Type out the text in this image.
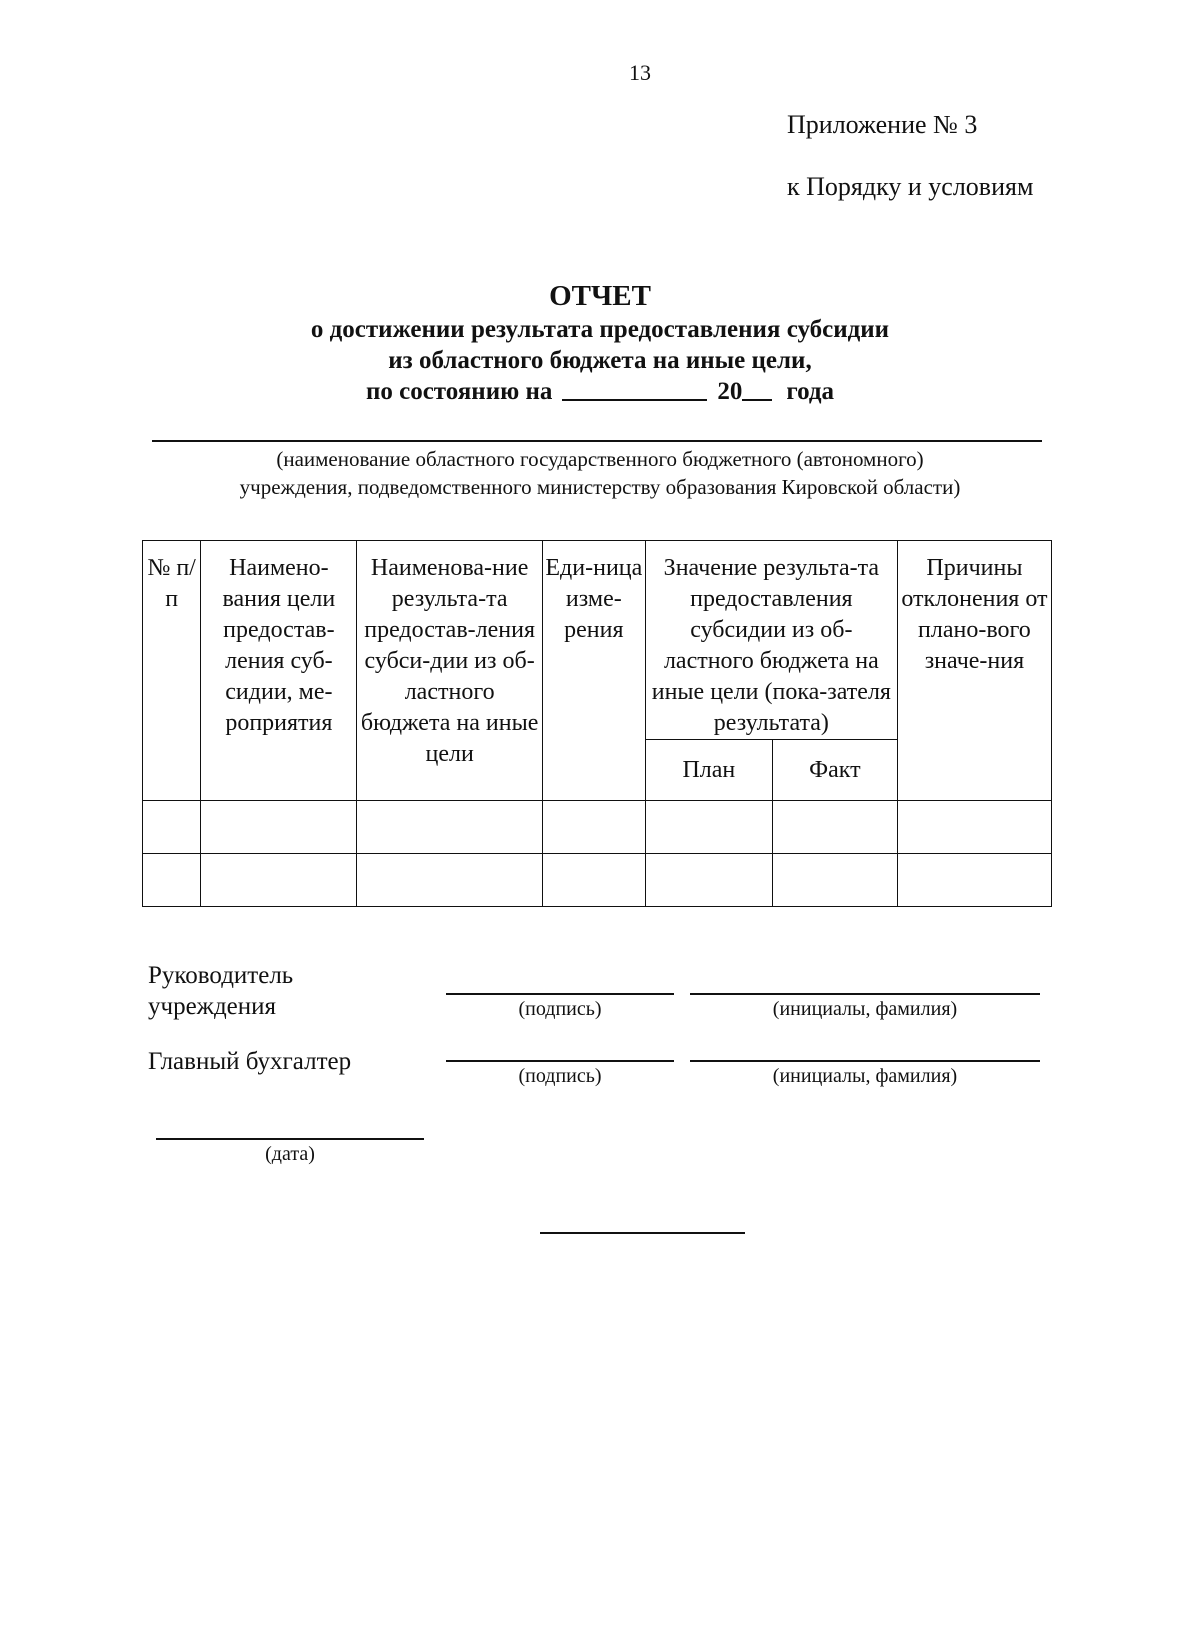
13
Приложение № 3
к Порядку и условиям
ОТЧЕТ
о достижении результата предоставления субсидии
из областного бюджета на иные цели,
по состоянию на	20 года
(наименование областного государственного бюджетного (автономного)
учреждения, подведомственного министерству образования Кировской области)
№ п/п	Наимено-вания цели предостав-ления суб-сидии, ме-роприятия	Наименова-ние результа-та предостав-ления субси-дии из об-ластного бюджета на иные цели	Еди-ница изме-рения	Значение результа-та предоставления субсидии из об-ластного бюджета на иные цели (пока-зателя результата)		Причины отклонения от плано-вого значе-ния
				План	Факт	

Руководитель
учреждения	(подпись)	(инициалы, фамилия)
Главный бухгалтер
(подпись)	(инициалы, фамилия)
(дата)
